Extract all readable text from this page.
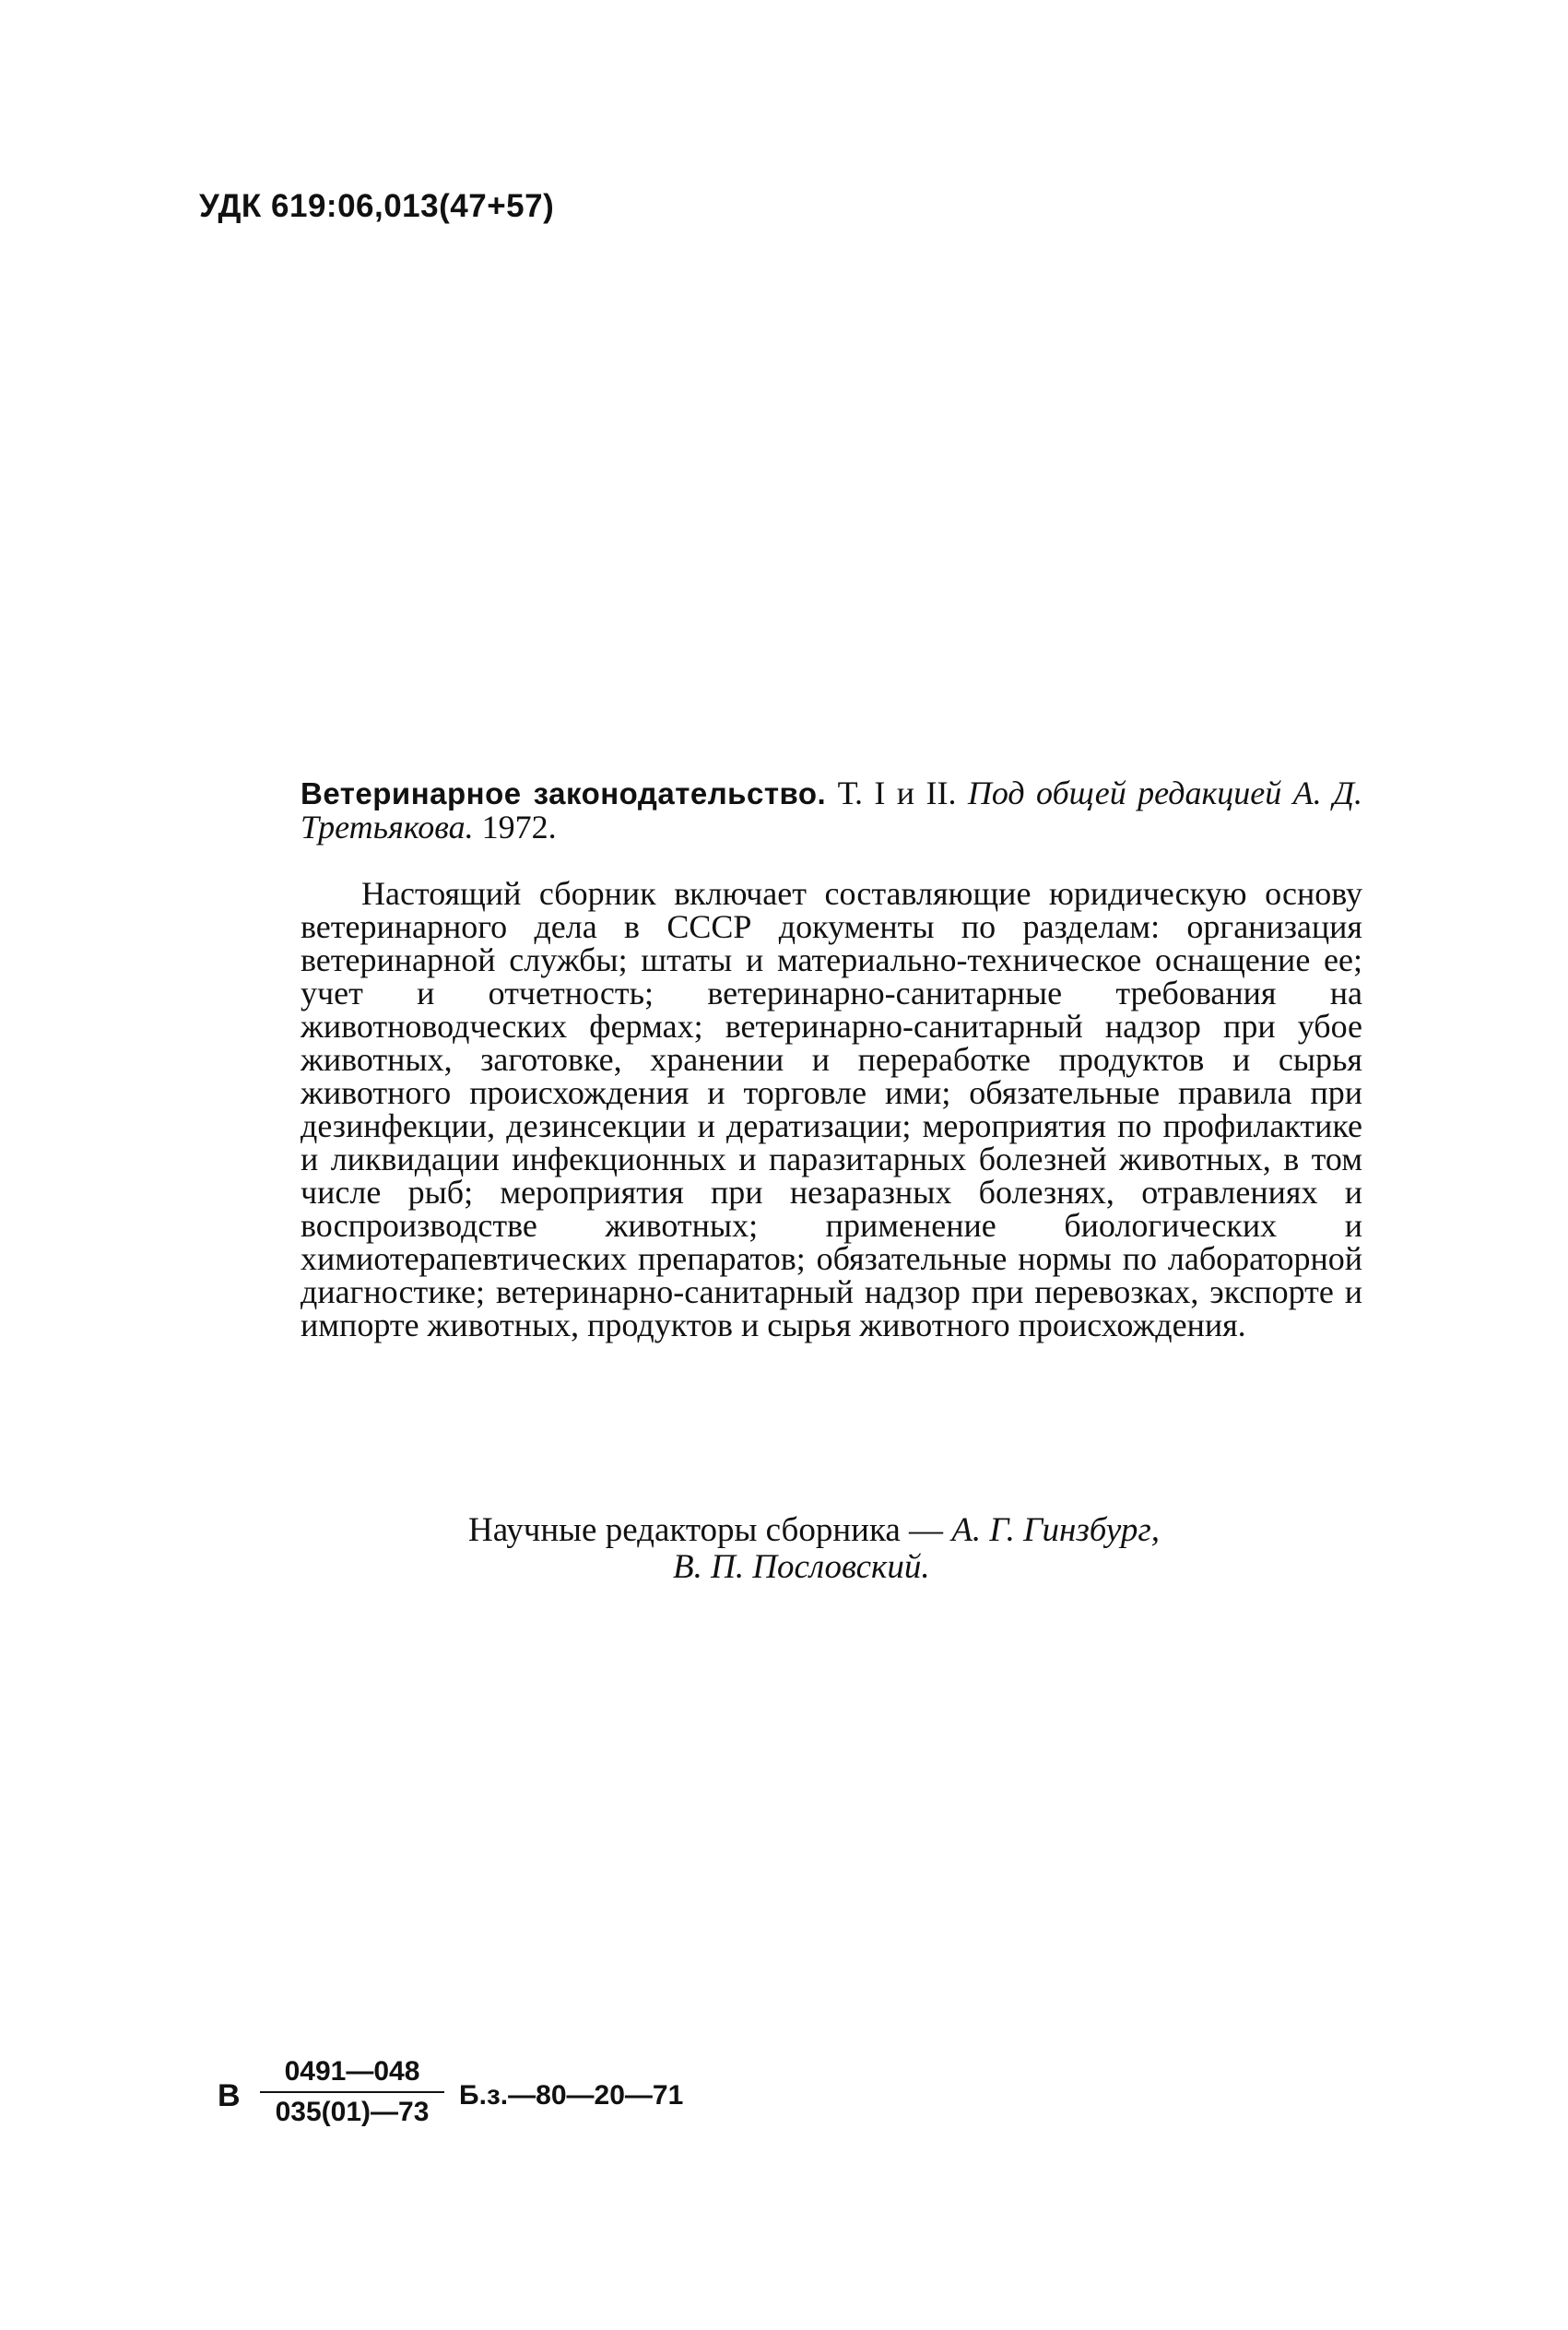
УДК 619:06,013(47+57)
Ветеринарное законодательство. Т. I и II. Под общей редакцией А. Д. Третьякова. 1972.
Настоящий сборник включает составляющие юридическую основу ветеринарного дела в СССР документы по разделам: организация ветеринарной службы; штаты и материально-техническое оснащение ее; учет и отчетность; ветеринарно-санитарные требования на животноводческих фермах; ветеринарно-санитарный надзор при убое животных, заготовке, хранении и переработке продуктов и сырья животного происхождения и торговле ими; обязательные правила при дезинфекции, дезинсекции и дератизации; мероприятия по профилактике и ликвидации инфекционных и паразитарных болезней животных, в том числе рыб; мероприятия при незаразных болезнях, отравлениях и воспроизводстве животных; применение биологических и химиотерапевтических препаратов; обязательные нормы по лабораторной диагностике; ветеринарно-санитарный надзор при перевозках, экспорте и импорте животных, продуктов и сырья животного происхождения.
Научные редакторы сборника — А. Г. Гинзбург,
В. П. Пословский.
В $\frac{0491—048}{035(01)—73}$ Б.з.—80—20—71
